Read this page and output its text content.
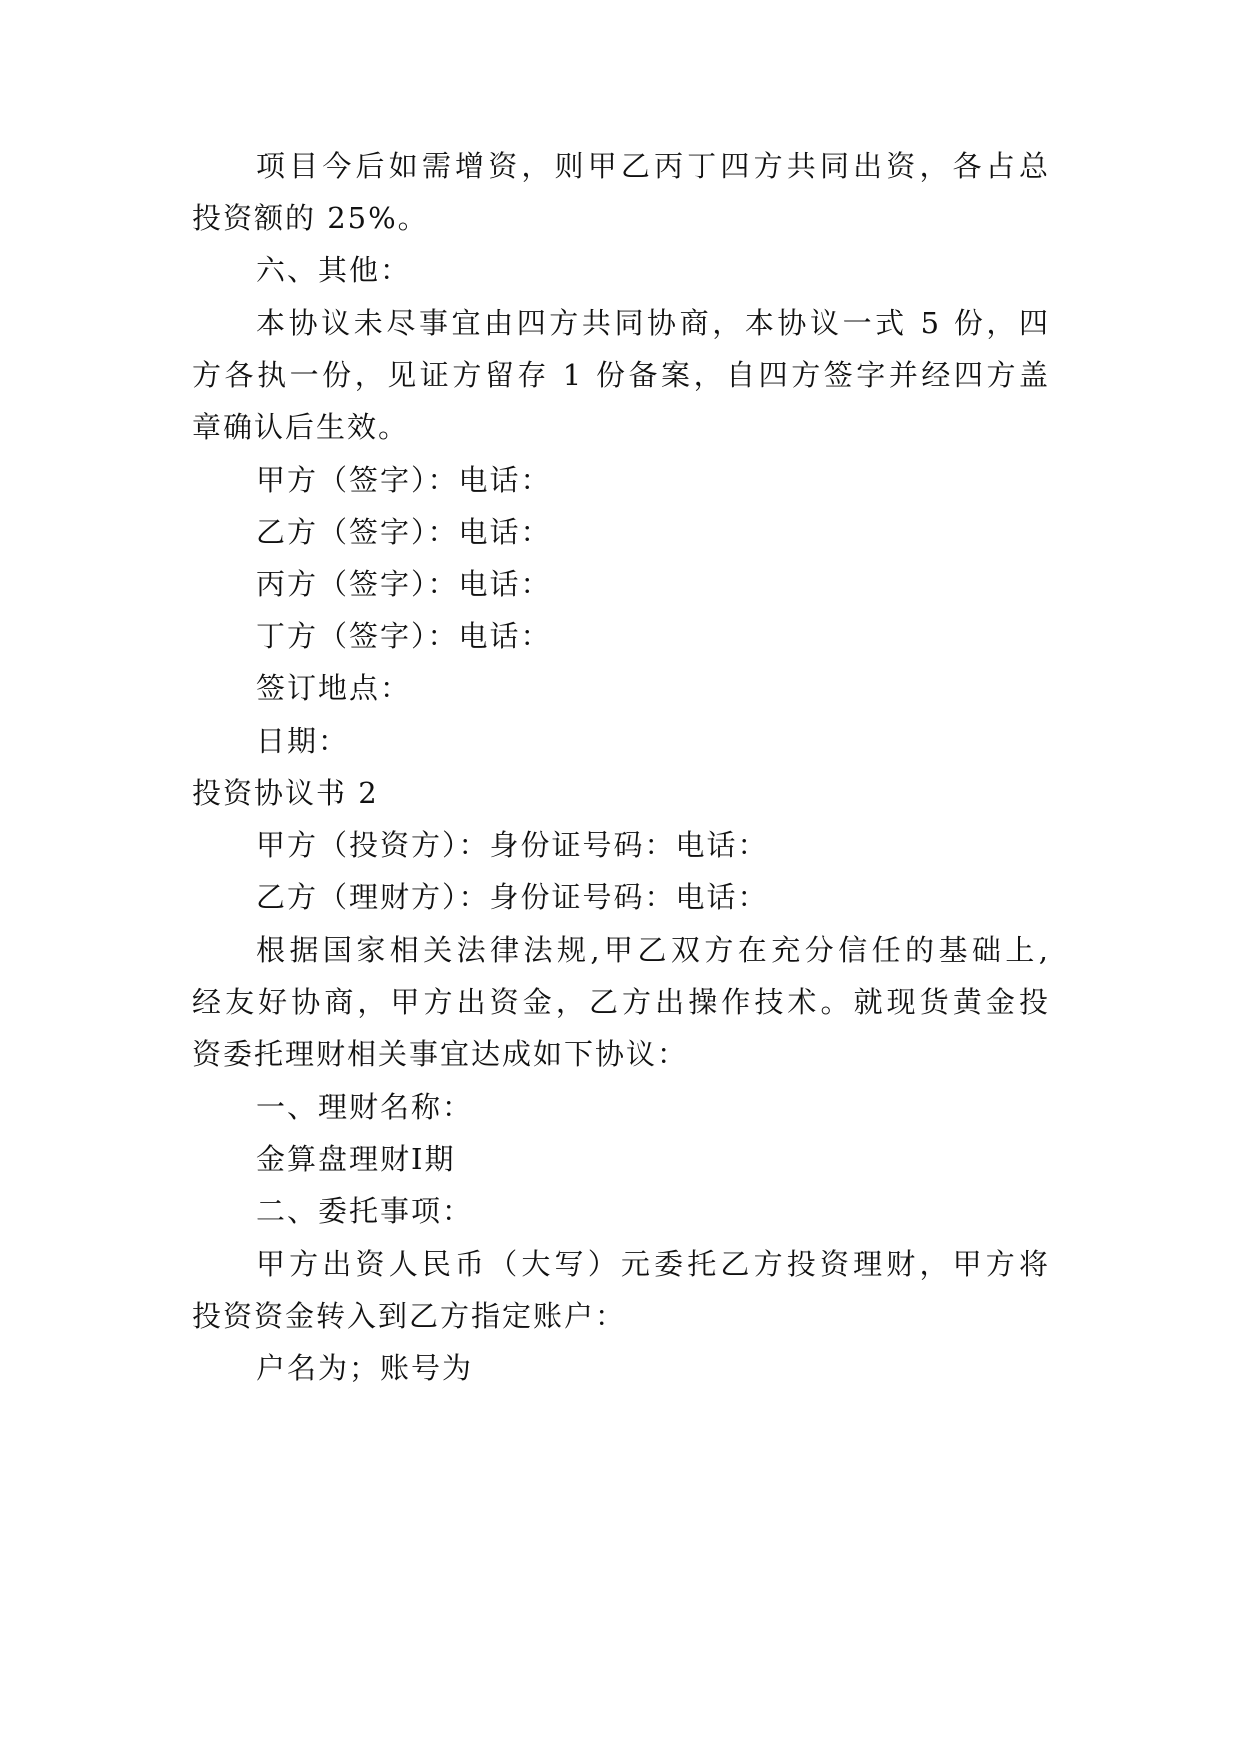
项目今后如需增资，则甲乙丙丁四方共同出资，各占总

投资额的 25%。

六、其他：

本协议未尽事宜由四方共同协商，本协议一式 5 份，四

方各执一份，见证方留存 1 份备案，自四方签字并经四方盖

章确认后生效。

甲方（签字）：电话：

乙方（签字）：电话：

丙方（签字）：电话：

丁方（签字）：电话：

签订地点：

日期：

投资协议书 2

甲方（投资方）：身份证号码：电话：

乙方（理财方）：身份证号码：电话：

根据国家相关法律法规,甲乙双方在充分信任的基础上,

经友好协商，甲方出资金，乙方出操作技术。就现货黄金投

资委托理财相关事宜达成如下协议：

一、理财名称：

金算盘理财Ⅰ期

二、委托事项：

甲方出资人民币（大写）元委托乙方投资理财，甲方将

投资资金转入到乙方指定账户：

户名为；账号为
